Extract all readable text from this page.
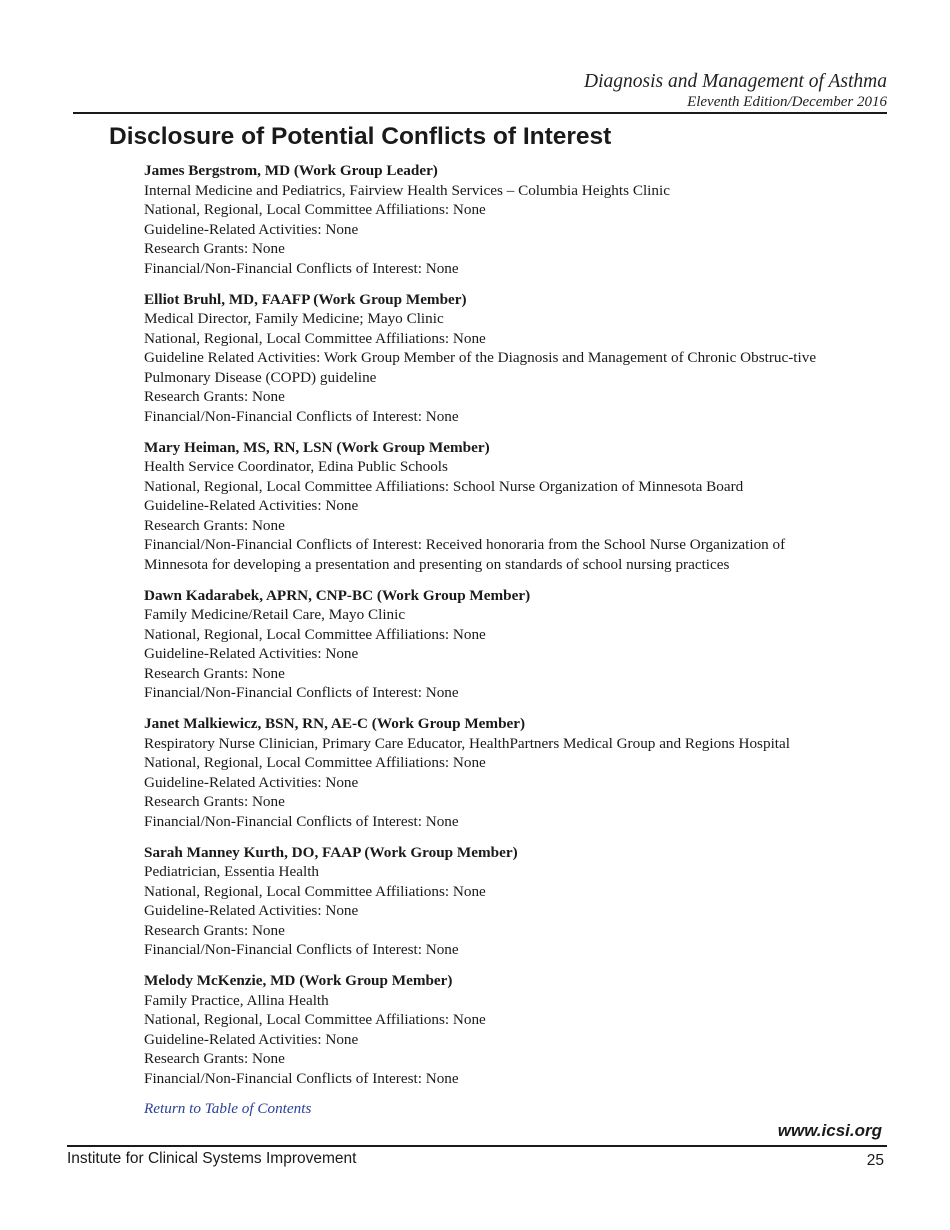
Diagnosis and Management of Asthma
Eleventh Edition/December 2016
Disclosure of Potential Conflicts of Interest
James Bergstrom, MD (Work Group Leader)
Internal Medicine and Pediatrics, Fairview Health Services – Columbia Heights Clinic
National, Regional, Local Committee Affiliations: None
Guideline-Related Activities: None
Research Grants: None
Financial/Non-Financial Conflicts of Interest: None
Elliot Bruhl, MD, FAAFP (Work Group Member)
Medical Director, Family Medicine; Mayo Clinic
National, Regional, Local Committee Affiliations: None
Guideline Related Activities: Work Group Member of the Diagnosis and Management of Chronic Obstruc-tive Pulmonary Disease (COPD) guideline
Research Grants: None
Financial/Non-Financial Conflicts of Interest: None
Mary Heiman, MS, RN, LSN (Work Group Member)
Health Service Coordinator, Edina Public Schools
National, Regional, Local Committee Affiliations: School Nurse Organization of Minnesota Board
Guideline-Related Activities: None
Research Grants: None
Financial/Non-Financial Conflicts of Interest: Received honoraria from the School Nurse Organization of Minnesota for developing a presentation and presenting on standards of school nursing practices
Dawn Kadarabek, APRN, CNP-BC (Work Group Member)
Family Medicine/Retail Care, Mayo Clinic
National, Regional, Local Committee Affiliations: None
Guideline-Related Activities: None
Research Grants: None
Financial/Non-Financial Conflicts of Interest: None
Janet Malkiewicz, BSN, RN, AE-C (Work Group Member)
Respiratory Nurse Clinician, Primary Care Educator, HealthPartners Medical Group and Regions Hospital
National, Regional, Local Committee Affiliations: None
Guideline-Related Activities: None
Research Grants: None
Financial/Non-Financial Conflicts of Interest: None
Sarah Manney Kurth, DO, FAAP (Work Group Member)
Pediatrician, Essentia Health
National, Regional, Local Committee Affiliations: None
Guideline-Related Activities: None
Research Grants: None
Financial/Non-Financial Conflicts of Interest: None
Melody McKenzie, MD (Work Group Member)
Family Practice, Allina Health
National, Regional, Local Committee Affiliations: None
Guideline-Related Activities: None
Research Grants: None
Financial/Non-Financial Conflicts of Interest: None
Return to Table of Contents
www.icsi.org
Institute for Clinical Systems Improvement	25
